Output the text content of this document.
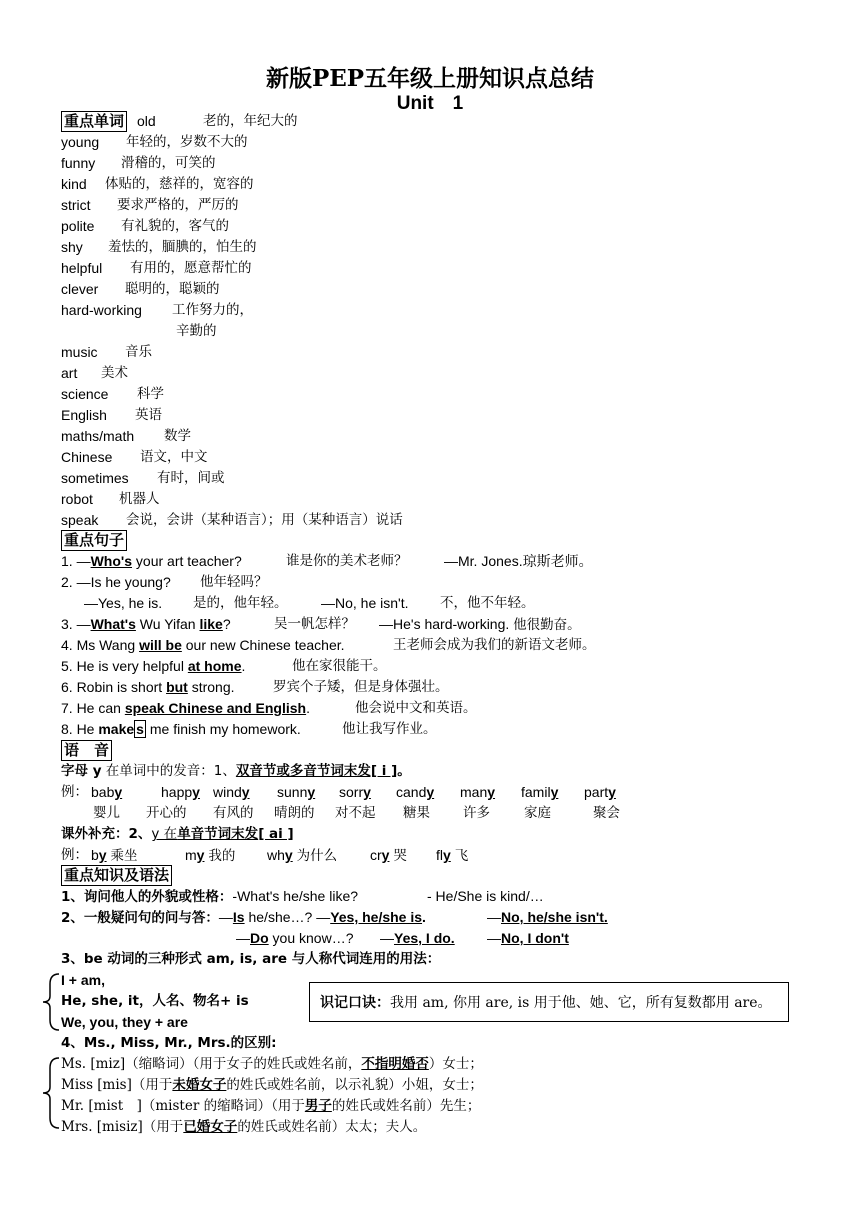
新版PEP五年级上册知识点总结
Unit　1
重点单词 old	老的，年纪大的
young 年轻的，岁数不大的
funny 滑稽的，可笑的
kind 体贴的，慈祥的，宽容的
strict 要求严格的，严厉的
polite 有礼貌的，客气的
shy 羞怯的，腼腆的，怕生的
helpful 有用的，愿意帮忙的
clever 聪明的，聪颖的
hard-working 工作努力的，
辛勤的
music 音乐
art 美术
science 科学
English 英语
maths/math 数学
Chinese 语文，中文
sometimes 有时，间或
robot 机器人
speak 会说，会讲（某种语言）；用（某种语言）说话
重点句子
1. —Who's your art teacher?	谁是你的美术老师？	—Mr. Jones.琼斯老师。
2. —Is he young? 他年轻吗？
—Yes, he is. 是的，他年轻。 —No, he isn't. 不，他不年轻。
3. —What's Wu Yifan like?	吴一帆怎样？ —He's hard-working. 他很勤奋。
4. Ms Wang will be our new Chinese teacher.	王老师会成为我们的新语文老师。
5. He is very helpful at home.	他在家很能干。
6. Robin is short but strong.	罗宾个子矮，但是身体强壮。
7. He can speak Chinese and English.	他会说中文和英语。
8. He make s me finish my homework.	他让我写作业。
语　音
字母 y 在单词中的发音：1、双音节或多音节词末发[ i ]。
例： baby	happy windy sunny sorry candy many family party
婴儿 开心的 有风的 晴朗的 对不起 糖果 许多	家庭	聚会
课外补充：2、y 在单音节词末发[ ai ]
例： by 乘坐	my 我的 why 为什么 cry 哭 fly 飞
重点知识及语法
1、询问他人的外貌或性格：-What's he/she like?	- He/She is kind/…
2、一般疑问句的问与答：—Is he/she…? —Yes, he/she is.	—No, he/she isn't.
—Do you know…? —Yes, I do. —No, I don't
3、be 动词的三种形式 am, is, are 与人称代词连用的用法：
I + am,
He, she, it，人名、物名+ is
We, you, they + are
识记口诀：我用 am, 你用 are, is 用于他、她、它，所有复数都用 are。
4、Ms., Miss, Mr., Mrs.的区别:
Ms. [miz]（缩略词）（用于女子的姓氏或姓名前，不指明婚否）女士；
Miss [mis]（用于未婚女子的姓氏或姓名前，以示礼貌）小姐，女士；
Mr. [mist　]（mister 的缩略词）（用于男子的姓氏或姓名前）先生；
Mrs. [misiz]（用于已婚女子的姓氏或姓名前）太太；夫人。
